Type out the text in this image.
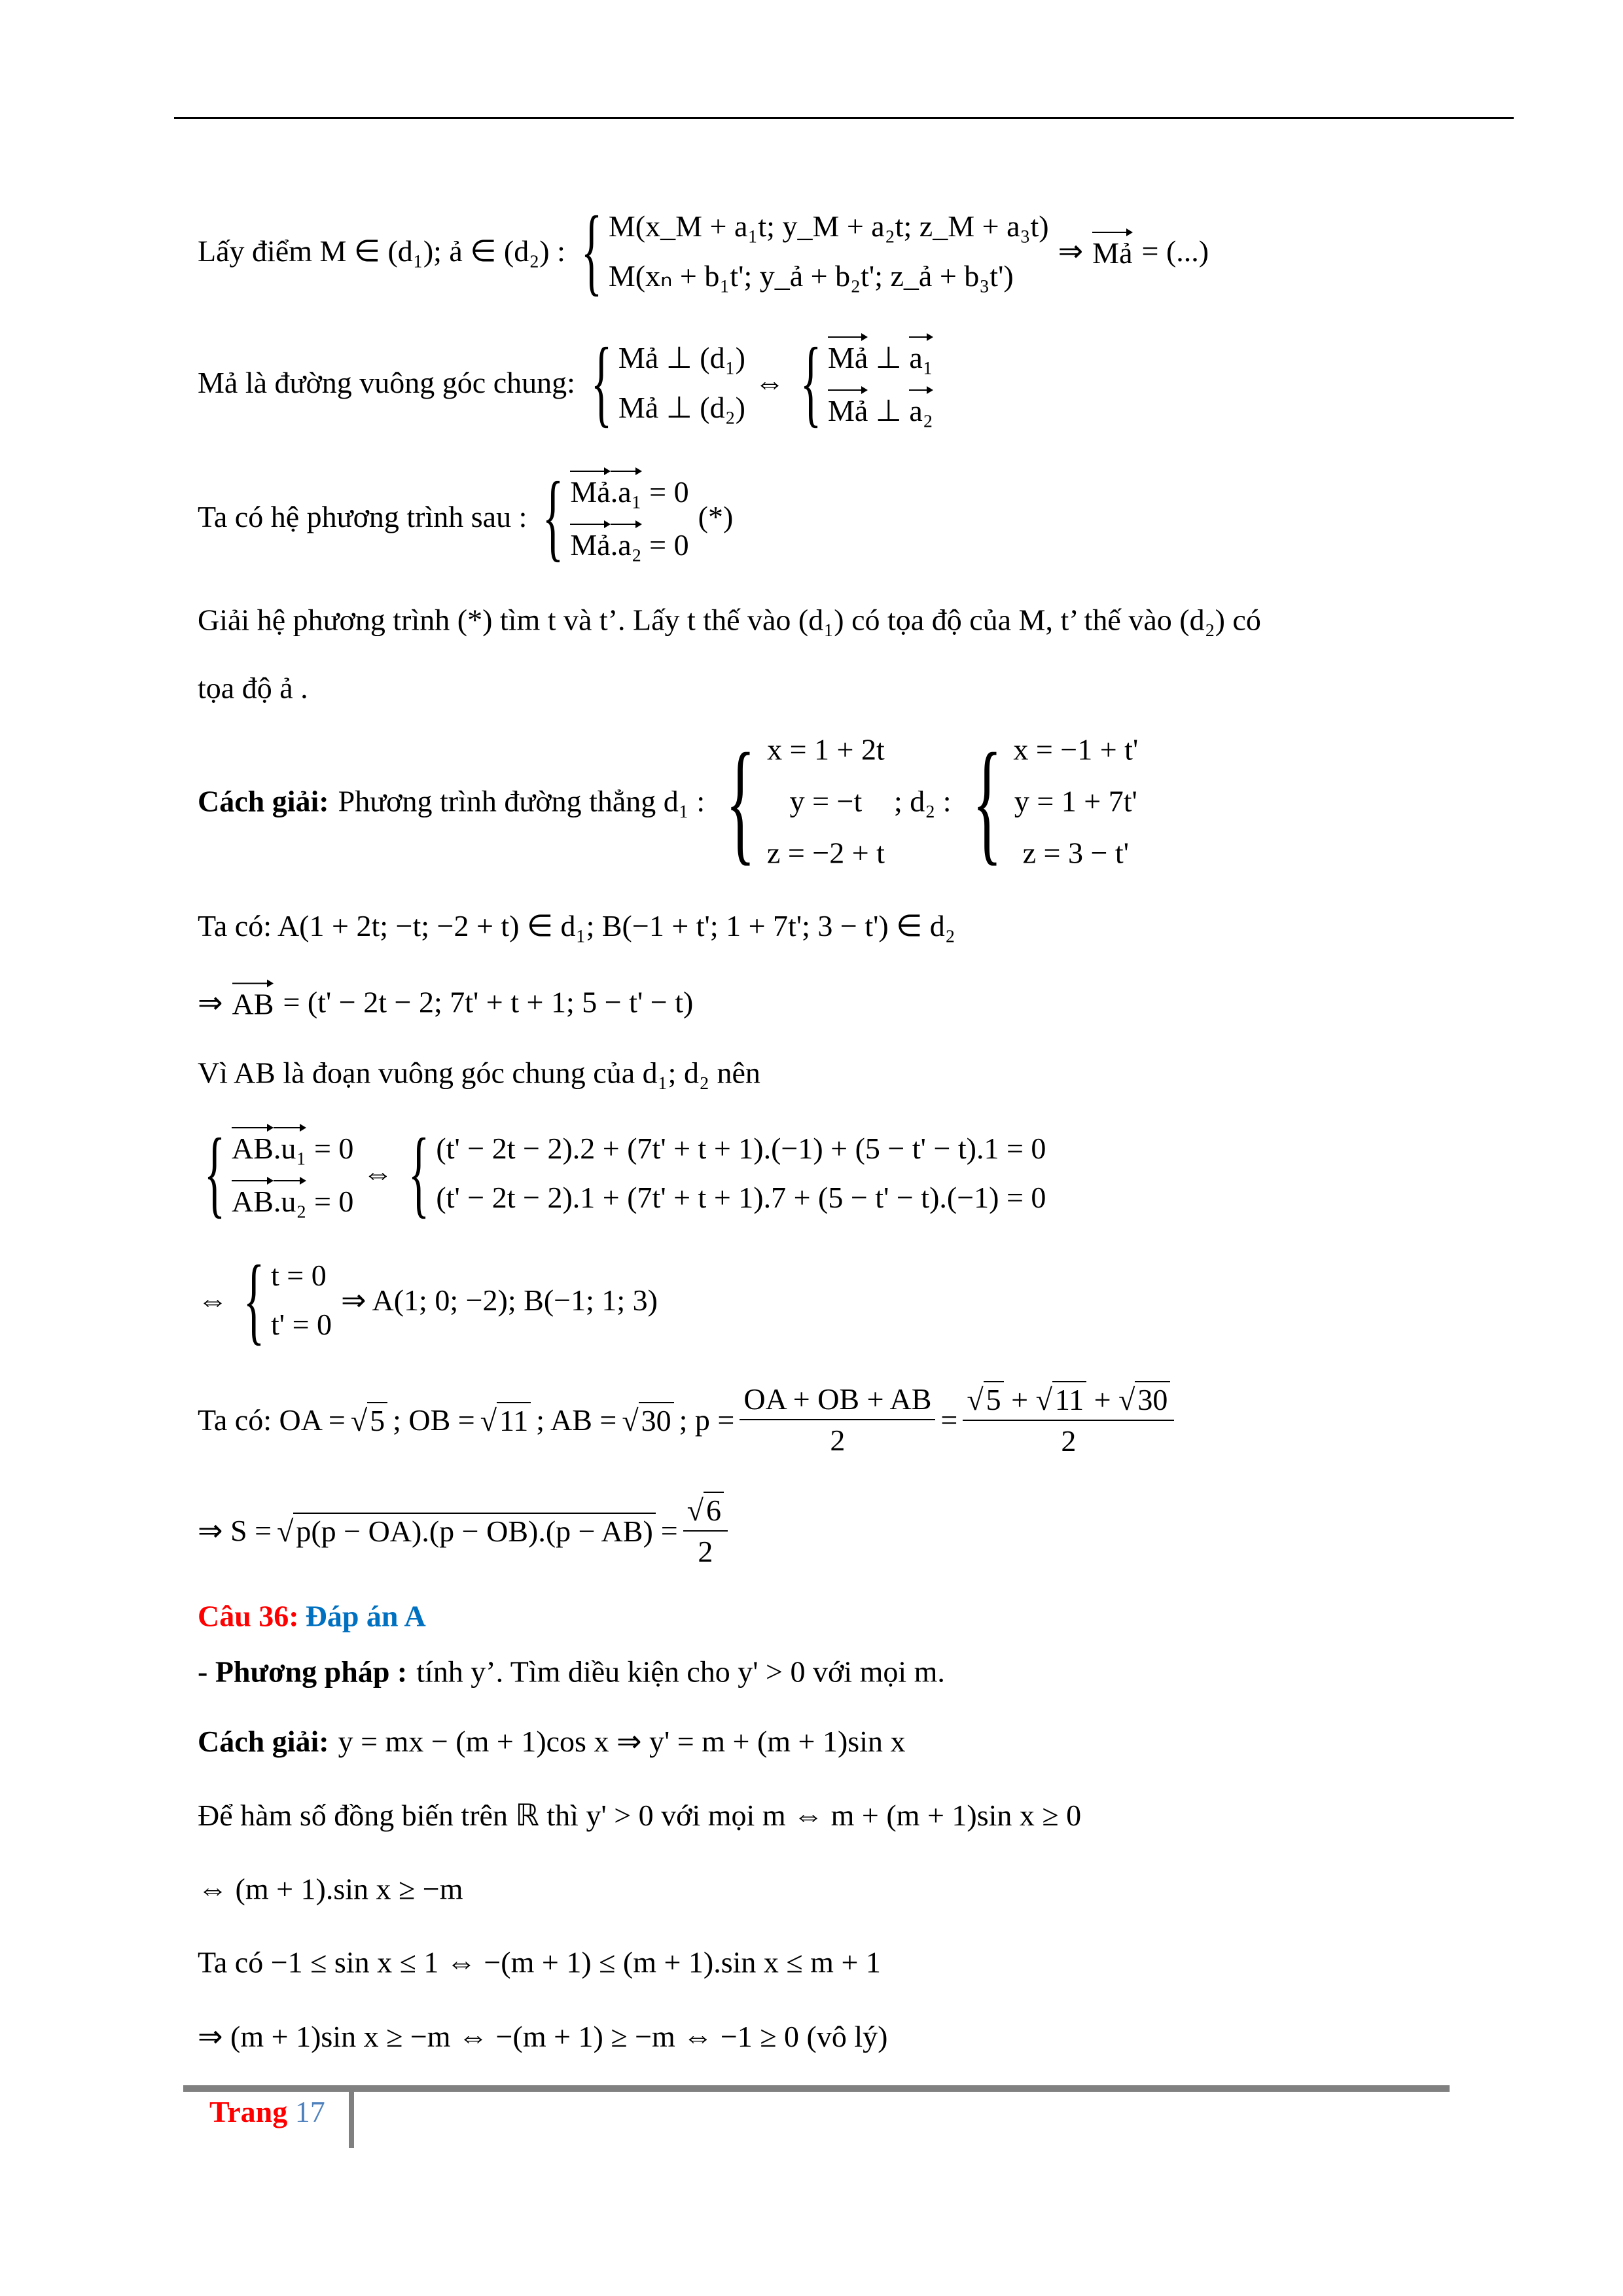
Lấy điểm M ∈ (d₁); ả ∈ (d₂) : { M(x_M + a₁t; y_M + a₂t; z_M + a₃t)
M(xₙ + b₁t'; y_ả + b₂t'; z_ả + b₃t')
⇒ Mả = (...)
Mả là đường vuông góc chung: { Mả ⊥ (d₁)
Mả ⊥ (d₂)
⇔ { Mả ⊥ a₁
Mả ⊥ a₂
Ta có hệ phương trình sau : { Mả.a₁ = 0
Mả.a₂ = 0
(*)
Giải hệ phương trình (*) tìm t và t’. Lấy t thế vào (d₁) có tọa độ của M, t’ thế vào (d₂) có
tọa độ ả .
Cách giải: Phương trình đường thẳng d₁ : { x = 1 + 2t
y = −t
z = −2 + t
; d₂ : { x = −1 + t'
y = 1 + 7t'
z = 3 − t'
Ta có: A(1 + 2t; −t; −2 + t) ∈ d₁; B(−1 + t'; 1 + 7t'; 3 − t') ∈ d₂
⇒ AB = (t' − 2t − 2; 7t' + t + 1; 5 − t' − t)
Vì AB là đoạn vuông góc chung của d₁; d₂ nên
{ AB.u₁ = 0
AB.u₂ = 0
⇔ { (t' − 2t − 2).2 + (7t' + t + 1).(−1) + (5 − t' − t).1 = 0
(t' − 2t − 2).1 + (7t' + t + 1).7 + (5 − t' − t).(−1) = 0
⇔ { t = 0
t' = 0
⇒ A(1; 0; −2); B(−1; 1; 3)
Ta có: OA = √ 5 ; OB = √ 11 ; AB = √ 30 ; $p = \frac{OA + OB + AB}{2} = \frac{√ 5 + √ 11 + √ 30}{2}$
⇒ S = √ $p(p - OA).(p - OB).(p - AB) = \frac{√ 6}{2}$
Câu 36: Đáp án A
- Phương pháp : tính y’. Tìm diều kiện cho y' > 0 với mọi m.
Cách giải: y = mx − (m + 1)cos x ⇒ y' = m + (m + 1)sin x
Để hàm số đồng biến trên ℝ thì y' > 0 với mọi m ⇔ m + (m + 1)sin x ≥ 0
⇔ (m + 1).sin x ≥ −m
Ta có −1 ≤ sin x ≤ 1 ⇔ −(m + 1) ≤ (m + 1).sin x ≤ m + 1
⇒ (m + 1)sin x ≥ −m ⇔ −(m + 1) ≥ −m ⇔ −1 ≥ 0 (vô lý)
Trang 17
